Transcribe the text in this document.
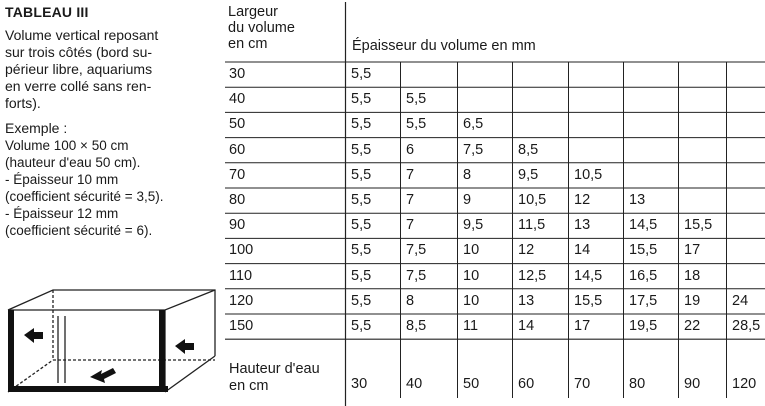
TABLEAU III
Volume vertical reposant
sur trois côtés (bord su-
périeur libre, aquariums
en verre collé sans ren-
forts).
Exemple :
Volume 100 × 50 cm
(hauteur d'eau 50 cm).
- Épaisseur 10 mm
(coefficient sécurité = 3,5).
- Épaisseur 12 mm
(coefficient sécurité = 6).
Largeur
du volume
en cm	Épaisseur du volume en mm
30	5,5
40	5,5 5,5
50	5,5 5,5	6,5
60	5,5 6	7,5 8,5
70	5,5 7	8	9,5 10,5
80	5,5 7	9	10,5 12	13
90	5,5 7	9,5 11,5 13	14,5 15,5
100	5,5 7,5	10	12	14	15,5 17
110	5,5 7,5	10	12,5 14,5 16,5 18
120	5,5 8	10	13	15,5 17,5 19 24
150	5,5 8,5	11	14	17	19,5 22 28,5
Hauteur d'eau
en cm	30	40	50	60	70	80	90 120
